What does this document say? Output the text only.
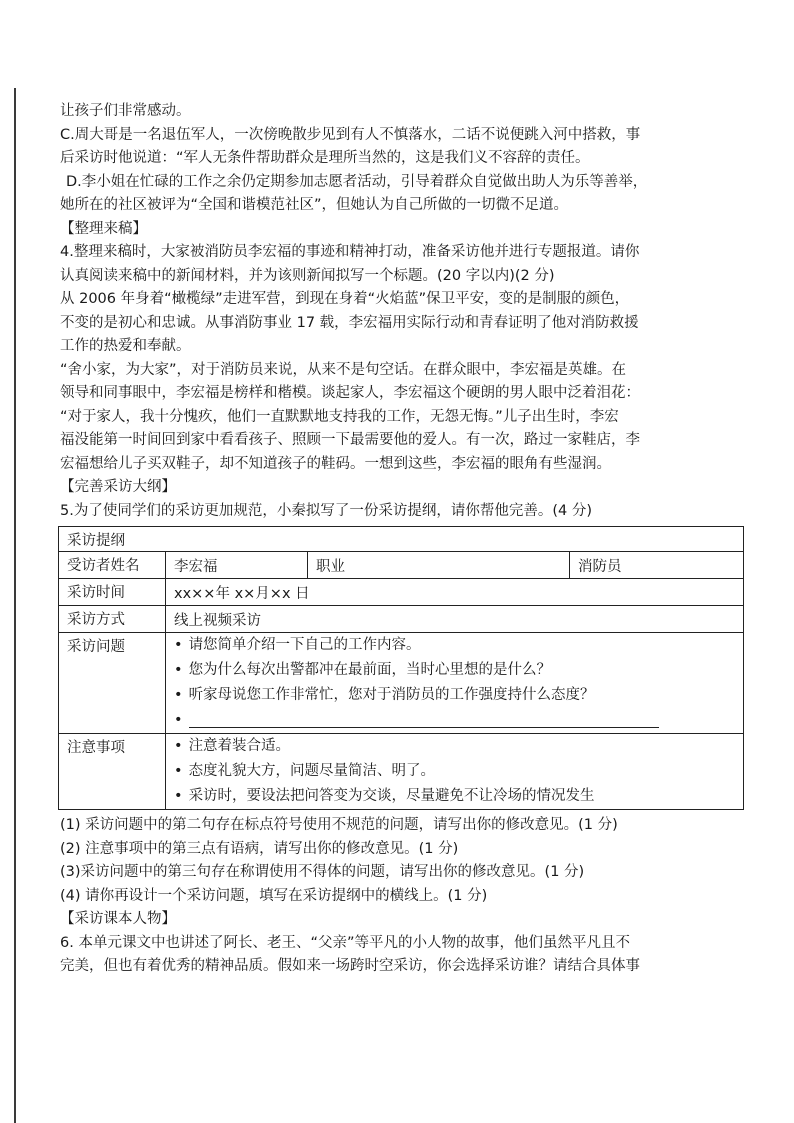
让孩子们非常感动。
C.周大哥是一名退伍军人，一次傍晚散步见到有人不慎落水，二话不说便跳入河中搭救，事
后采访时他说道：“军人无条件帮助群众是理所当然的，这是我们义不容辞的责任。
D.李小姐在忙碌的工作之余仍定期参加志愿者活动，引导着群众自觉做出助人为乐等善举，
她所在的社区被评为“全国和谐模范社区”，但她认为自己所做的一切微不足道。
【整理来稿】
4.整理来稿时，大家被消防员李宏福的事迹和精神打动，准备采访他并进行专题报道。请你
认真阅读来稿中的新闻材料，并为该则新闻拟写一个标题。(20 字以内)(2 分)
从 2006 年身着“橄榄绿”走进军营，到现在身着“火焰蓝”保卫平安，变的是制服的颜色，
不变的是初心和忠诚。从事消防事业 17 载，李宏福用实际行动和青春证明了他对消防救援
工作的热爱和奉献。
“舍小家，为大家”，对于消防员来说，从来不是句空话。在群众眼中，李宏福是英雄。在
领导和同事眼中，李宏福是榜样和楷模。谈起家人，李宏福这个硬朗的男人眼中泛着泪花：
“对于家人，我十分愧疚，他们一直默默地支持我的工作，无怨无悔。”儿子出生时，李宏
福没能第一时间回到家中看看孩子、照顾一下最需要他的爱人。有一次，路过一家鞋店，李
宏福想给儿子买双鞋子，却不知道孩子的鞋码。一想到这些，李宏福的眼角有些湿润。
【完善采访大纲】
5.为了使同学们的采访更加规范，小秦拟写了一份采访提纲，请你帮他完善。(4 分)
采访提纲			
受访者姓名	李宏福	职业	消防员
采访时间	xx××年 x×月×x 日		
采访方式	线上视频采访		
采访问题	• 请您简单介绍一下自己的工作内容。
• 您为什么每次出警都冲在最前面，当时心里想的是什么？
• 听家母说您工作非常忙，您对于消防员的工作强度持什么态度？
•		

注意事项	• 注意着装合适。
• 态度礼貌大方，问题尽量简洁、明了。
• 采访时，要设法把问答变为交谈，尽量避免不让冷场的情况发生		
(1) 采访问题中的第二句存在标点符号使用不规范的问题，请写出你的修改意见。(1 分)
(2) 注意事项中的第三点有语病，请写出你的修改意见。(1 分)
(3)采访问题中的第三句存在称谓使用不得体的问题，请写出你的修改意见。(1 分)
(4) 请你再设计一个采访问题，填写在采访提纲中的横线上。(1 分)
【采访课本人物】
6. 本单元课文中也讲述了阿长、老王、“父亲”等平凡的小人物的故事，他们虽然平凡且不
完美，但也有着优秀的精神品质。假如来一场跨时空采访，你会选择采访谁？请结合具体事
